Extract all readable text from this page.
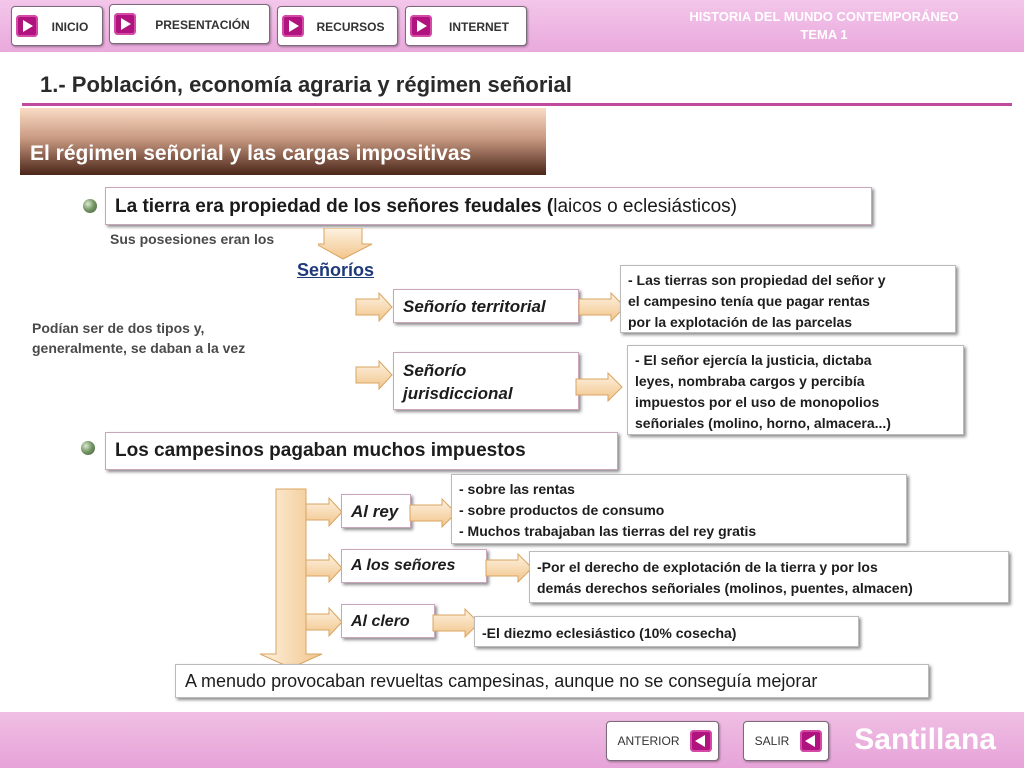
INICIO	PRESENTACIÓN	RECURSOS	INTERNET
HISTORIA DEL MUNDO CONTEMPORÁNEO
TEMA 1
1.- Población, economía agraria y régimen señorial
El régimen señorial y las cargas impositivas
La tierra era propiedad de los señores feudales (laicos o eclesiásticos)
Sus posesiones eran los
Señoríos
Podían ser de dos tipos y,
generalmente, se daban a la vez
Señorío territorial
- Las tierras son propiedad del señor y
el campesino tenía que pagar rentas
por la explotación de las parcelas
Señorío
jurisdiccional
- El señor ejercía la justicia, dictaba
leyes, nombraba cargos y percibía
impuestos por el uso de monopolios
señoriales (molino, horno, almacera...)
Los campesinos pagaban muchos impuestos
Al rey
- sobre las rentas
- sobre productos de consumo
- Muchos trabajaban las tierras del rey gratis
A los señores	-Por el derecho de explotación de la tierra y por los
demás derechos señoriales (molinos, puentes, almacen)
Al clero
-El diezmo eclesiástico (10% cosecha)
A menudo provocaban revueltas campesinas, aunque no se conseguía mejorar
ANTERIOR	SALIR	Santillana
